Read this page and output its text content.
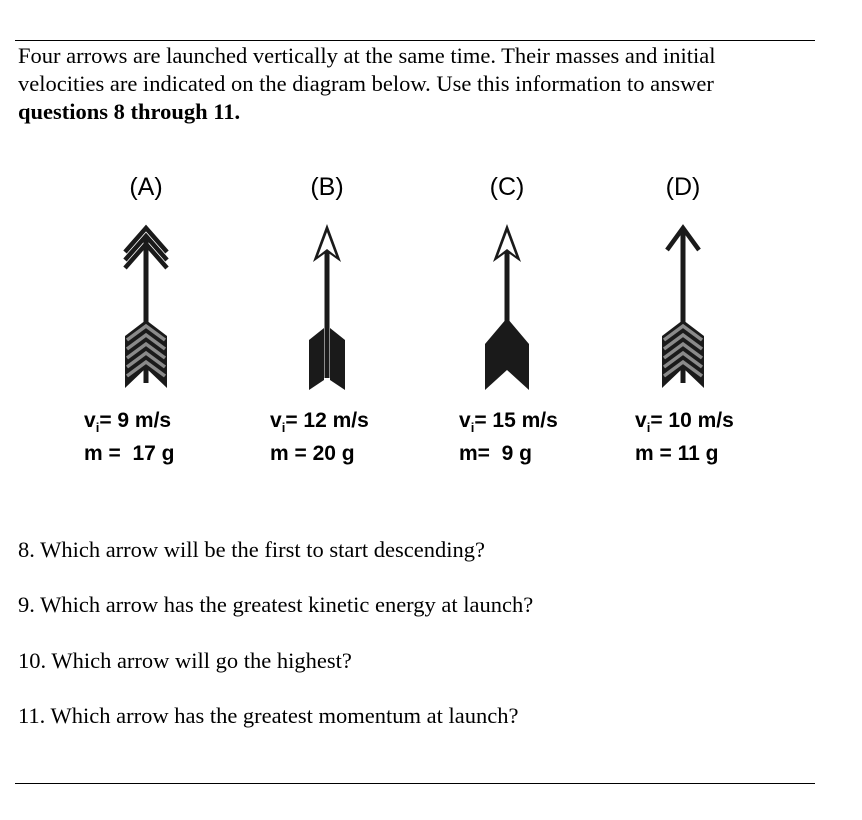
Four arrows are launched vertically at the same time. Their masses and initial
velocities are indicated on the diagram below. Use this information to answer
questions 8 through 11.

(A)
$v_i= 9$ m/s
m =  17 g
(B)
$v_i= 12$ m/s
m = 20 g
(C)
$v_i= 15$ m/s
m=  9 g
(D)
$v_i= 10$ m/s
m = 11 g

8. Which arrow will be the first to start descending?

9. Which arrow has the greatest kinetic energy at launch?

10. Which arrow will go the highest?

11. Which arrow has the greatest momentum at launch?
